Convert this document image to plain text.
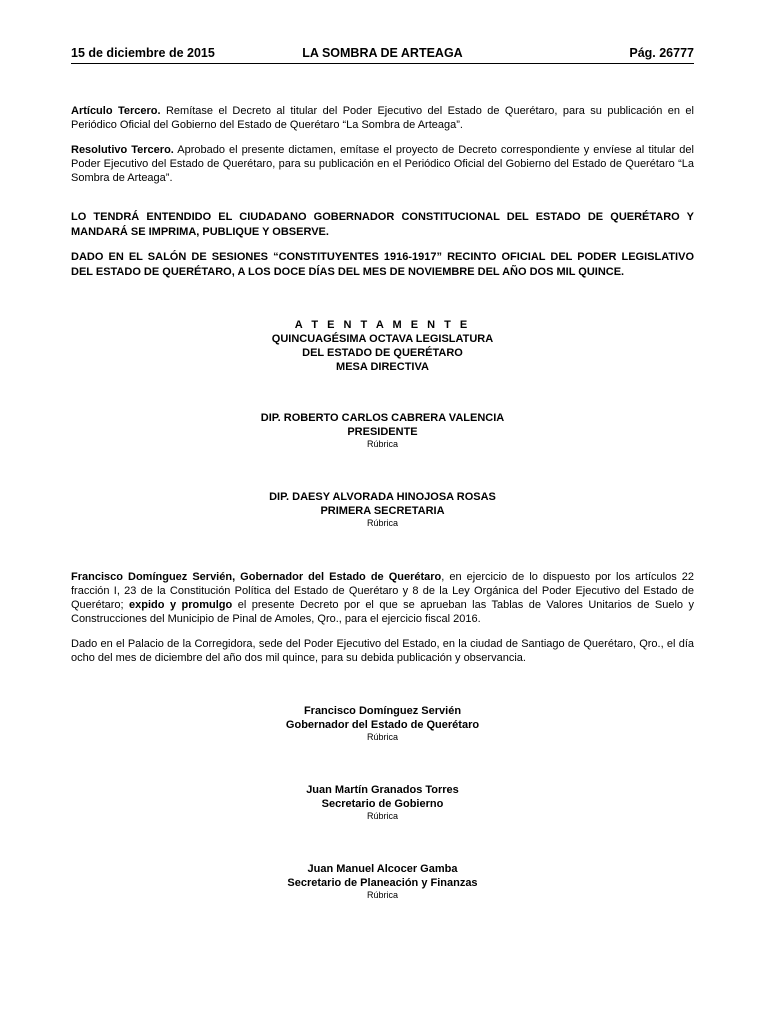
15 de diciembre de 2015	LA SOMBRA DE ARTEAGA	Pág. 26777
Artículo Tercero. Remítase el Decreto al titular del Poder Ejecutivo del Estado de Querétaro, para su publicación en el Periódico Oficial del Gobierno del Estado de Querétaro “La Sombra de Arteaga”.
Resolutivo Tercero. Aprobado el presente dictamen, emítase el proyecto de Decreto correspondiente y envíese al titular del Poder Ejecutivo del Estado de Querétaro, para su publicación en el Periódico Oficial del Gobierno del Estado de Querétaro “La Sombra de Arteaga”.
LO TENDRÁ ENTENDIDO EL CIUDADANO GOBERNADOR CONSTITUCIONAL DEL ESTADO DE QUERÉTARO Y MANDARÁ SE IMPRIMA, PUBLIQUE Y OBSERVE.
DADO EN EL SALÓN DE SESIONES “CONSTITUYENTES 1916-1917” RECINTO OFICIAL DEL PODER LEGISLATIVO DEL ESTADO DE QUERÉTARO, A LOS DOCE DÍAS DEL MES DE NOVIEMBRE DEL AÑO DOS MIL QUINCE.
A T E N T A M E N T E
QUINCUAGÉSIMA OCTAVA LEGISLATURA
DEL ESTADO DE QUERÉTARO
MESA DIRECTIVA
DIP. ROBERTO CARLOS CABRERA VALENCIA
PRESIDENTE
Rúbrica
DIP. DAESY ALVORADA HINOJOSA ROSAS
PRIMERA SECRETARIA
Rúbrica
Francisco Domínguez Servién, Gobernador del Estado de Querétaro, en ejercicio de lo dispuesto por los artículos 22 fracción I, 23 de la Constitución Política del Estado de Querétaro y 8 de la Ley Orgánica del Poder Ejecutivo del Estado de Querétaro; expido y promulgo el presente Decreto por el que se aprueban las Tablas de Valores Unitarios de Suelo y Construcciones del Municipio de Pinal de Amoles, Qro., para el ejercicio fiscal 2016.
Dado en el Palacio de la Corregidora, sede del Poder Ejecutivo del Estado, en la ciudad de Santiago de Querétaro, Qro., el día ocho del mes de diciembre del año dos mil quince, para su debida publicación y observancia.
Francisco Domínguez Servién
Gobernador del Estado de Querétaro
Rúbrica
Juan Martín Granados Torres
Secretario de Gobierno
Rúbrica
Juan Manuel Alcocer Gamba
Secretario de Planeación y Finanzas
Rúbrica
